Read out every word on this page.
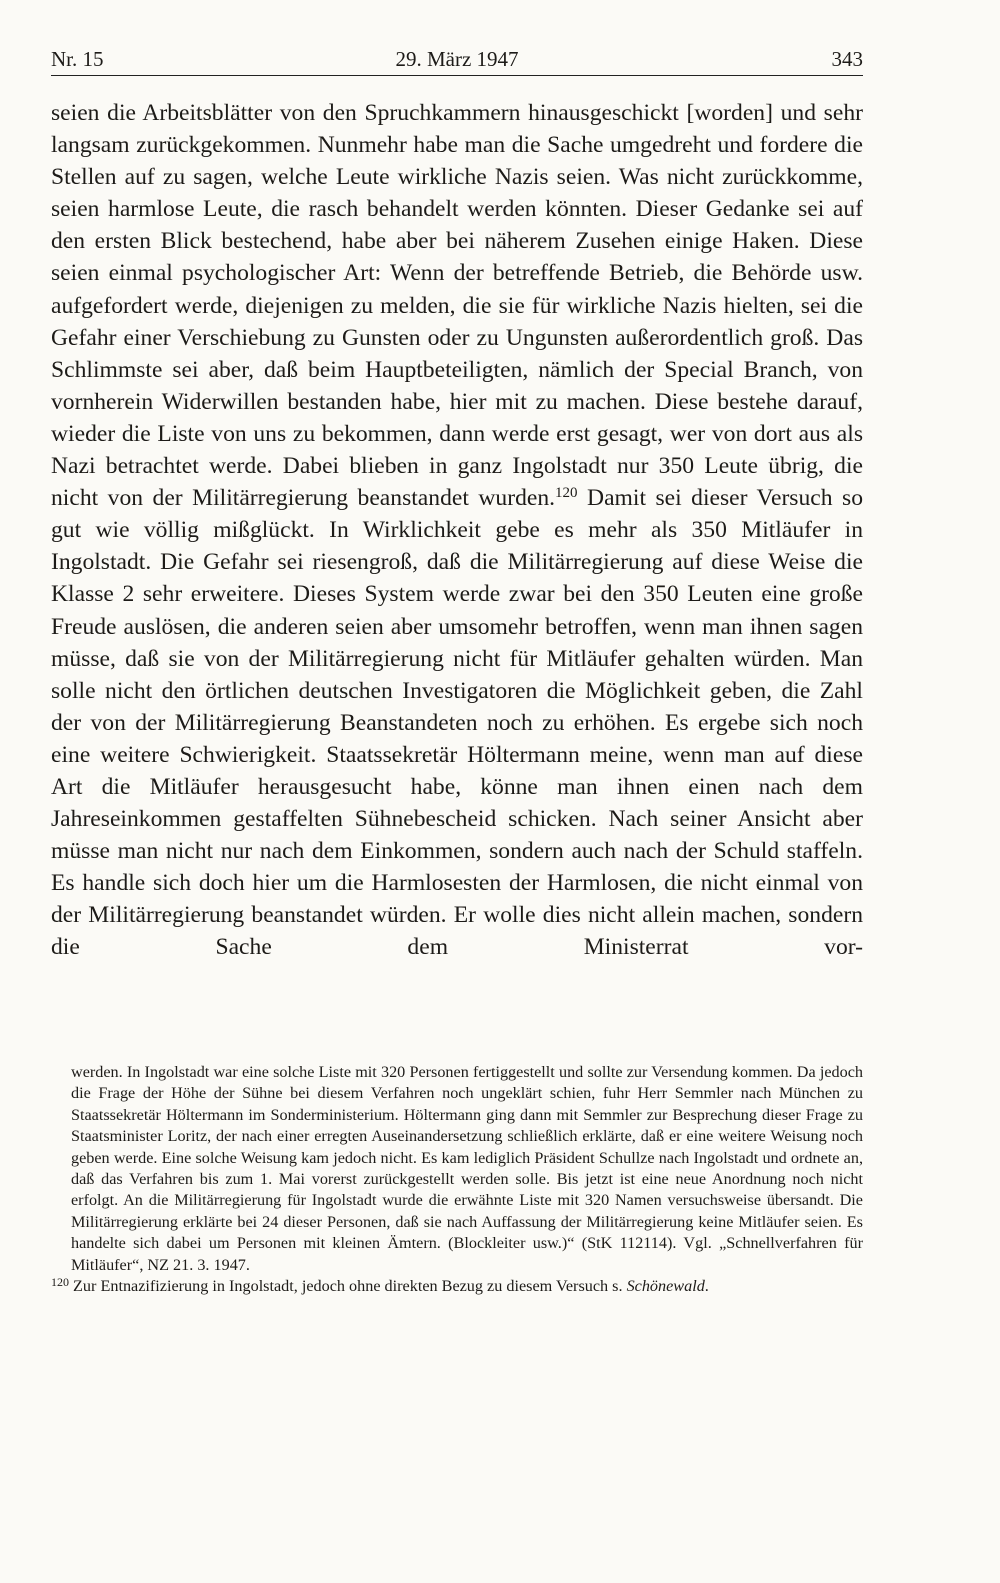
Nr. 15	29. März 1947	343

seien die Arbeitsblätter von den Spruchkammern hinausgeschickt [worden] und sehr langsam zurückgekommen. Nunmehr habe man die Sache umgedreht und fordere die Stellen auf zu sagen, welche Leute wirkliche Nazis seien. Was nicht zurückkomme, seien harmlose Leute, die rasch behandelt werden könnten. Dieser Gedanke sei auf den ersten Blick bestechend, habe aber bei näherem Zusehen einige Haken. Diese seien einmal psychologischer Art: Wenn der betreffende Betrieb, die Behörde usw. aufgefordert werde, diejenigen zu melden, die sie für wirkliche Nazis hielten, sei die Gefahr einer Verschiebung zu Gunsten oder zu Ungunsten außerordentlich groß. Das Schlimmste sei aber, daß beim Hauptbeteiligten, nämlich der Special Branch, von vornherein Widerwillen bestanden habe, hier mit zu machen. Diese bestehe darauf, wieder die Liste von uns zu bekommen, dann werde erst gesagt, wer von dort aus als Nazi betrachtet werde. Dabei blieben in ganz Ingolstadt nur 350 Leute übrig, die nicht von der Militärregierung beanstandet wurden.$^{120}$ Damit sei dieser Versuch so gut wie völlig mißglückt. In Wirklichkeit gebe es mehr als 350 Mitläufer in Ingolstadt. Die Gefahr sei riesengroß, daß die Militärregierung auf diese Weise die Klasse 2 sehr erweitere. Dieses System werde zwar bei den 350 Leuten eine große Freude auslösen, die anderen seien aber umsomehr betroffen, wenn man ihnen sagen müsse, daß sie von der Militärregierung nicht für Mitläufer gehalten würden. Man solle nicht den örtlichen deutschen Investigatoren die Möglichkeit geben, die Zahl der von der Militärregierung Beanstandeten noch zu erhöhen. Es ergebe sich noch eine weitere Schwierigkeit. Staatssekretär Höltermann meine, wenn man auf diese Art die Mitläufer herausgesucht habe, könne man ihnen einen nach dem Jahreseinkommen gestaffelten Sühnebescheid schicken. Nach seiner Ansicht aber müsse man nicht nur nach dem Einkommen, sondern auch nach der Schuld staffeln. Es handle sich doch hier um die Harmlosesten der Harmlosen, die nicht einmal von der Militärregierung beanstandet würden. Er wolle dies nicht allein machen, sondern die Sache dem Ministerrat vor-

werden. In Ingolstadt war eine solche Liste mit 320 Personen fertiggestellt und sollte zur Versendung kommen. Da jedoch die Frage der Höhe der Sühne bei diesem Verfahren noch ungeklärt schien, fuhr Herr Semmler nach München zu Staatssekretär Höltermann im Sonderministerium. Höltermann ging dann mit Semmler zur Besprechung dieser Frage zu Staatsminister Loritz, der nach einer erregten Auseinandersetzung schließlich erklärte, daß er eine weitere Weisung noch geben werde. Eine solche Weisung kam jedoch nicht. Es kam lediglich Präsident Schullze nach Ingolstadt und ordnete an, daß das Verfahren bis zum 1. Mai vorerst zurückgestellt werden solle. Bis jetzt ist eine neue Anordnung noch nicht erfolgt. An die Militärregierung für Ingolstadt wurde die erwähnte Liste mit 320 Namen versuchsweise übersandt. Die Militärregierung erklärte bei 24 dieser Personen, daß sie nach Auffassung der Militärregierung keine Mitläufer seien. Es handelte sich dabei um Personen mit kleinen Ämtern. (Blockleiter usw.)“ (StK 112114). Vgl. „Schnellverfahren für Mitläufer“, NZ 21. 3. 1947.

$^{120}$ Zur Entnazifizierung in Ingolstadt, jedoch ohne direkten Bezug zu diesem Versuch s. Schönewald.
